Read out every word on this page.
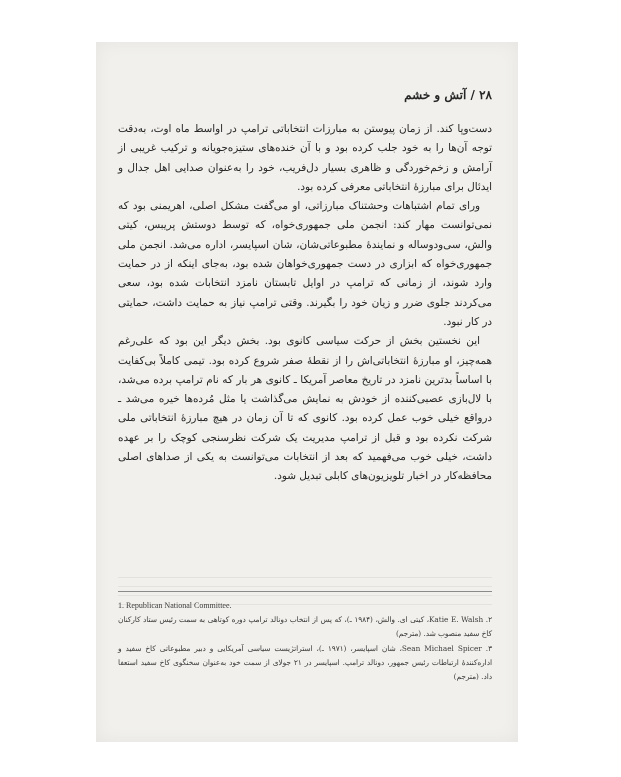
۲۸ / آتش و خشم

دست‌وپا کند. از زمان پیوستن به مبارزات انتخاباتی ترامپ در اواسط ماه اوت، به‌دقت توجه آن‌ها را به خود جلب کرده بود و با آن خنده‌های ستیزه‌جویانه و ترکیب غریبی از آرامش و زخم‌خوردگی و ظاهری بسیار دل‌فریب، خود را به‌عنوان صدایی اهل جدال و ایدئال برای مبارزهٔ انتخاباتی معرفی کرده بود.

ورای تمام اشتباهات وحشتناک مبارزاتی، او می‌گفت مشکل اصلی، اهریمنی بود که نمی‌توانست مهار کند: انجمن ملی جمهوری‌خواه، که توسط دوستش پریبس، کیتی والش، سی‌ودوساله و نمایندهٔ مطبوعاتی‌شان، شان اسپایسر، اداره می‌شد. انجمن ملی جمهوری‌خواه که ابزاری در دست جمهوری‌خواهان شده بود، به‌جای اینکه از در حمایت وارد شوند، از زمانی که ترامپ در اوایل تابستان نامزد انتخابات شده بود، سعی می‌کردند جلوی ضرر و زیان خود را بگیرند. وقتی ترامپ نیاز به حمایت داشت، حمایتی در کار نبود.

این نخستین بخش از حرکت سیاسی کانوی بود. بخش دیگر این بود که علی‌رغم همه‌چیز، او مبارزهٔ انتخاباتی‌اش را از نقطهٔ صفر شروع کرده بود. تیمی کاملاً بی‌کفایت با اساساً بدترین نامزد در تاریخ معاصر آمریکا ـ کانوی هر بار که نام ترامپ برده می‌شد، با لال‌بازی عصبی‌کننده از خودش به نمایش می‌گذاشت یا مثل مُرده‌ها خیره می‌شد ـ درواقع خیلی خوب عمل کرده بود. کانوی که تا آن زمان در هیچ مبارزهٔ انتخاباتی ملی شرکت نکرده بود و قبل از ترامپ مدیریت یک شرکت نظرسنجی کوچک را بر عهده داشت، خیلی خوب می‌فهمید که بعد از انتخابات می‌توانست به یکی از صداهای اصلی محافظه‌کار در اخبار تلویزیون‌های کابلی تبدیل شود.

1. Republican National Committee.

۲. Katie E. Walsh، کیتی ای. والش، (۱۹۸۴ ـ)، که پس از انتخاب دونالد ترامپ دوره کوتاهی به سمت رئیس ستاد کارکنان کاخ سفید منصوب شد. (مترجم)

۳. Sean Michael Spicer، شان اسپایسر، (۱۹۷۱ ـ)، استراتژیست سیاسی آمریکایی و دبیر مطبوعاتی کاخ سفید و اداره‌کنندهٔ ارتباطات رئیس جمهور، دونالد ترامپ. اسپایسر در ۲۱ جولای از سمت خود به‌عنوان سخنگوی کاخ سفید استعفا داد. (مترجم)
